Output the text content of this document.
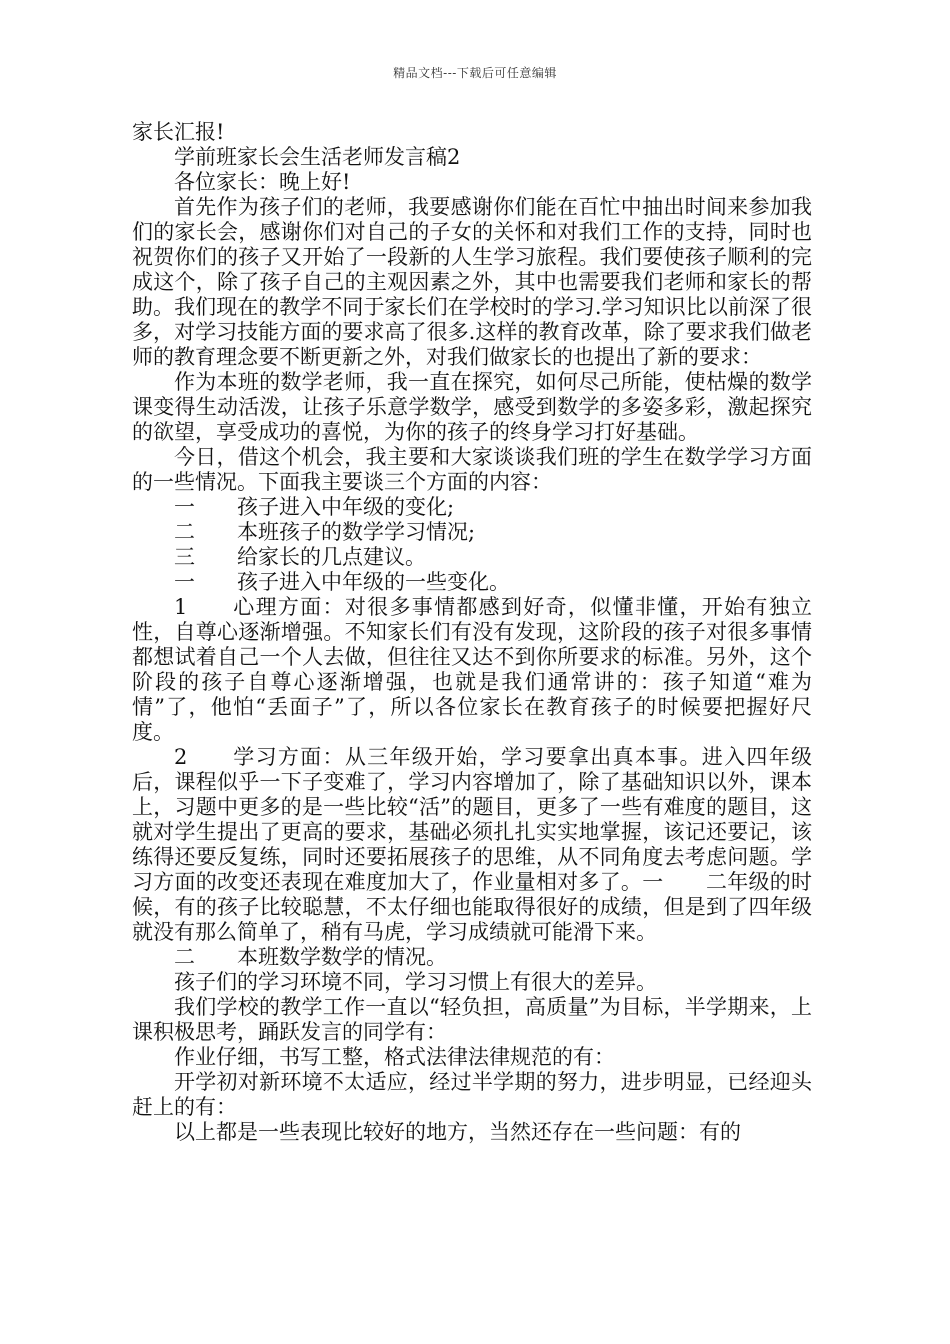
精品文档---下载后可任意编辑

家长汇报!

学前班家长会生活老师发言稿2

各位家长：晚上好!

首先作为孩子们的老师，我要感谢你们能在百忙中抽出时间来参加我们的家长会，感谢你们对自己的子女的关怀和对我们工作的支持，同时也祝贺你们的孩子又开始了一段新的人生学习旅程。我们要使孩子顺利的完成这个，除了孩子自己的主观因素之外，其中也需要我们老师和家长的帮助。我们现在的教学不同于家长们在学校时的学习.学习知识比以前深了很多，对学习技能方面的要求高了很多.这样的教育改革，除了要求我们做老师的教育理念要不断更新之外，对我们做家长的也提出了新的要求：

作为本班的数学老师，我一直在探究，如何尽己所能，使枯燥的数学课变得生动活泼，让孩子乐意学数学，感受到数学的多姿多彩，激起探究的欲望，享受成功的喜悦，为你的孩子的终身学习打好基础。

今日，借这个机会，我主要和大家谈谈我们班的学生在数学学习方面的一些情况。下面我主要谈三个方面的内容：

一　　孩子进入中年级的变化;

二　　本班孩子的数学学习情况;

三　　给家长的几点建议。

一　　孩子进入中年级的一些变化。

1　　心理方面：对很多事情都感到好奇，似懂非懂，开始有独立性，自尊心逐渐增强。不知家长们有没有发现，这阶段的孩子对很多事情都想试着自己一个人去做，但往往又达不到你所要求的标准。另外，这个阶段的孩子自尊心逐渐增强，也就是我们通常讲的：孩子知道“难为情”了，他怕“丢面子”了，所以各位家长在教育孩子的时候要把握好尺度。

2　　学习方面：从三年级开始，学习要拿出真本事。进入四年级后，课程似乎一下子变难了，学习内容增加了，除了基础知识以外，课本上，习题中更多的是一些比较“活”的题目，更多了一些有难度的题目，这就对学生提出了更高的要求，基础必须扎扎实实地掌握，该记还要记，该练得还要反复练，同时还要拓展孩子的思维，从不同角度去考虑问题。学习方面的改变还表现在难度加大了，作业量相对多了。一　　二年级的时候，有的孩子比较聪慧，不太仔细也能取得很好的成绩，但是到了四年级就没有那么简单了，稍有马虎，学习成绩就可能滑下来。

二　　本班数学数学的情况。

孩子们的学习环境不同，学习习惯上有很大的差异。

我们学校的教学工作一直以“轻负担，高质量”为目标，半学期来，上课积极思考，踊跃发言的同学有：

作业仔细，书写工整，格式法律法律规范的有：

开学初对新环境不太适应，经过半学期的努力，进步明显，已经迎头赶上的有：

以上都是一些表现比较好的地方，当然还存在一些问题：有的
